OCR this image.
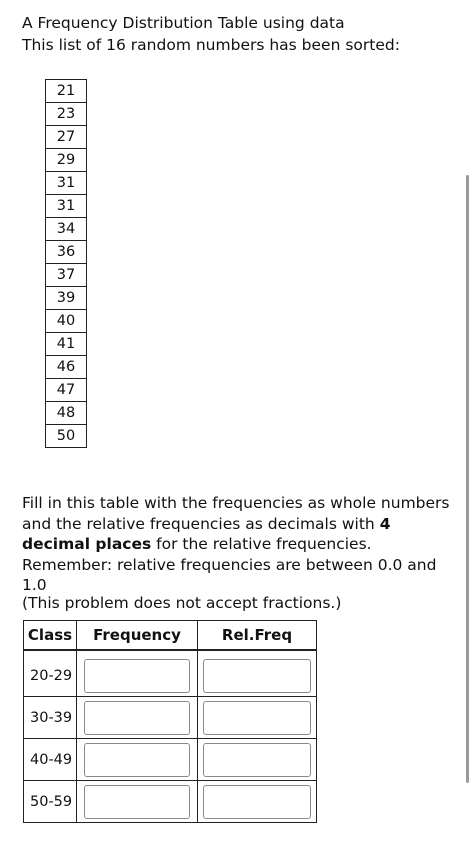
A Frequency Distribution Table using data
This list of 16 random numbers has been sorted:
21
23
27
29
31
31
34
36
37
39
40
41
46
47
48
50
Fill in this table with the frequencies as whole numbers and the relative frequencies as decimals with 4 decimal places for the relative frequencies. Remember: relative frequencies are between 0.0 and 1.0
(This problem does not accept fractions.)
Class	Frequency	Rel.Freq
20-29	

30-39	

40-49	

50-59	
